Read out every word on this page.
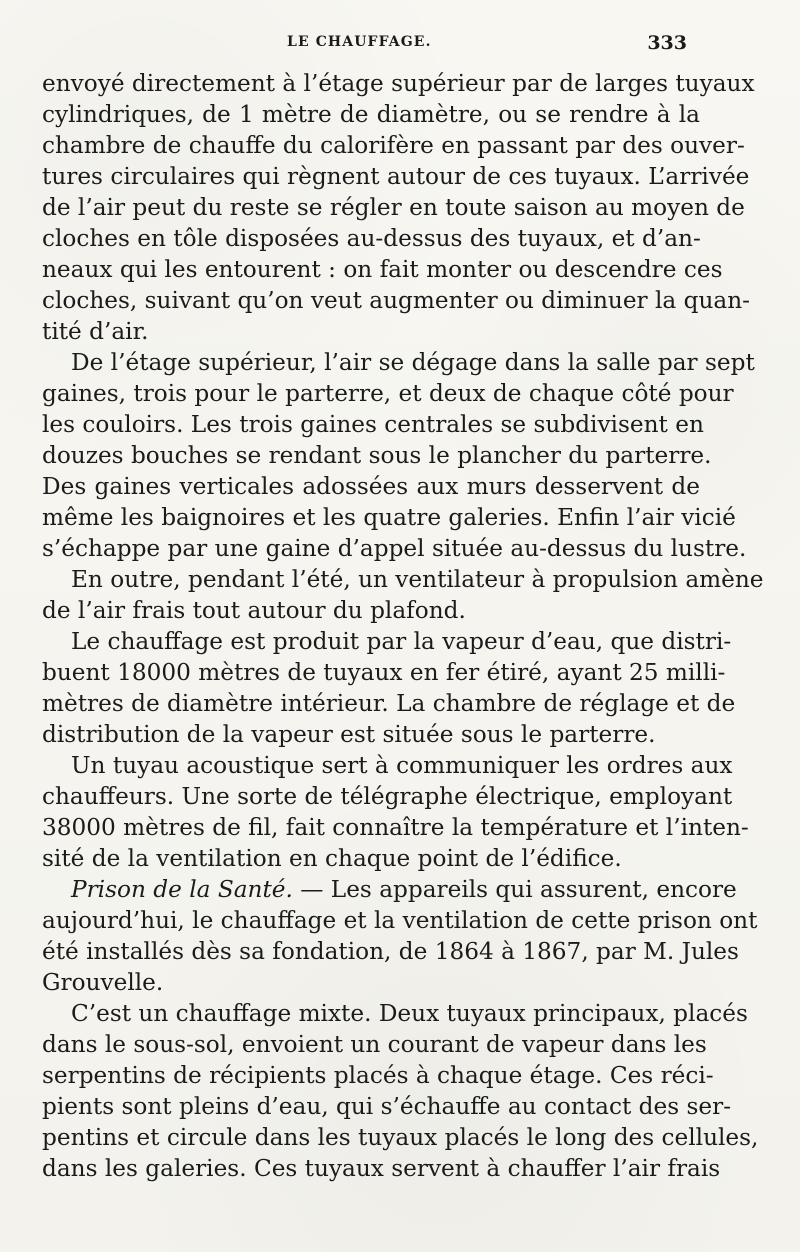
LE CHAUFFAGE.	333
envoyé directement à l’étage supérieur par de larges tuyaux
cylindriques, de 1 mètre de diamètre, ou se rendre à la
chambre de chauffe du calorifère en passant par des ouver-
tures circulaires qui règnent autour de ces tuyaux. L’arrivée
de l’air peut du reste se régler en toute saison au moyen de
cloches en tôle disposées au-dessus des tuyaux, et d’an-
neaux qui les entourent : on fait monter ou descendre ces
cloches, suivant qu’on veut augmenter ou diminuer la quan-
tité d’air.
De l’étage supérieur, l’air se dégage dans la salle par sept
gaines, trois pour le parterre, et deux de chaque côté pour
les couloirs. Les trois gaines centrales se subdivisent en
douzes bouches se rendant sous le plancher du parterre.
Des gaines verticales adossées aux murs desservent de
même les baignoires et les quatre galeries. Enfin l’air vicié
s’échappe par une gaine d’appel située au-dessus du lustre.
En outre, pendant l’été, un ventilateur à propulsion amène
de l’air frais tout autour du plafond.
Le chauffage est produit par la vapeur d’eau, que distri-
buent 18000 mètres de tuyaux en fer étiré, ayant 25 milli-
mètres de diamètre intérieur. La chambre de réglage et de
distribution de la vapeur est située sous le parterre.
Un tuyau acoustique sert à communiquer les ordres aux
chauffeurs. Une sorte de télégraphe électrique, employant
38000 mètres de fil, fait connaître la température et l’inten-
sité de la ventilation en chaque point de l’édifice.
Prison de la Santé. — Les appareils qui assurent, encore
aujourd’hui, le chauffage et la ventilation de cette prison ont
été installés dès sa fondation, de 1864 à 1867, par M. Jules
Grouvelle.
C’est un chauffage mixte. Deux tuyaux principaux, placés
dans le sous-sol, envoient un courant de vapeur dans les
serpentins de récipients placés à chaque étage. Ces réci-
pients sont pleins d’eau, qui s’échauffe au contact des ser-
pentins et circule dans les tuyaux placés le long des cellules,
dans les galeries. Ces tuyaux servent à chauffer l’air frais
